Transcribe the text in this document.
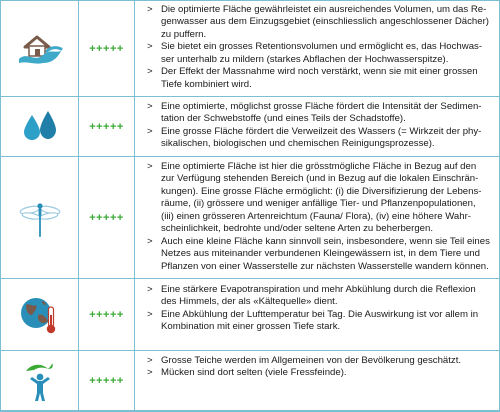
+++++
> Die optimierte Fläche gewährleistet ein ausreichendes Volumen, um das Re-
genwasser aus dem Einzugsgebiet (einschliesslich angeschlossener Dächer)
zu puffern.
> Sie bietet ein grosses Retentionsvolumen und ermöglicht es, das Hochwas-
ser unterhalb zu mildern (starkes Abflachen der Hochwasserspitze).
> Der Effekt der Massnahme wird noch verstärkt, wenn sie mit einer grossen
Tiefe kombiniert wird.
+++++
> Eine optimierte, möglichst grosse Fläche fördert die Intensität der Sedimen-
tation der Schwebstoffe (und eines Teils der Schadstoffe).
> Eine grosse Fläche fördert die Verweilzeit des Wassers (= Wirkzeit der phy-
sikalischen, biologischen und chemischen Reinigungsprozesse).
+++++
> Eine optimierte Fläche ist hier die grösstmögliche Fläche in Bezug auf den
zur Verfügung stehenden Bereich (und in Bezug auf die lokalen Einschrän-
kungen). Eine grosse Fläche ermöglicht: (i) die Diversifizierung der Lebens-
räume, (ii) grössere und weniger anfällige Tier- und Pflanzenpopulationen,
(iii) einen grösseren Artenreichtum (Fauna/ Flora), (iv) eine höhere Wahr-
scheinlichkeit, bedrohte und/oder seltene Arten zu beherbergen.
> Auch eine kleine Fläche kann sinnvoll sein, insbesondere, wenn sie Teil eines
Netzes aus miteinander verbundenen Kleingewässern ist, in dem Tiere und
Pflanzen von einer Wasserstelle zur nächsten Wasserstelle wandern können.
+++++
> Eine stärkere Evapotranspiration und mehr Abkühlung durch die Reflexion
des Himmels, der als «Kältequelle» dient.
> Eine Abkühlung der Lufttemperatur bei Tag. Die Auswirkung ist vor allem in
Kombination mit einer grossen Tiefe stark.
+++++
> Grosse Teiche werden im Allgemeinen von der Bevölkerung geschätzt.
> Mücken sind dort selten (viele Fressfeinde).
